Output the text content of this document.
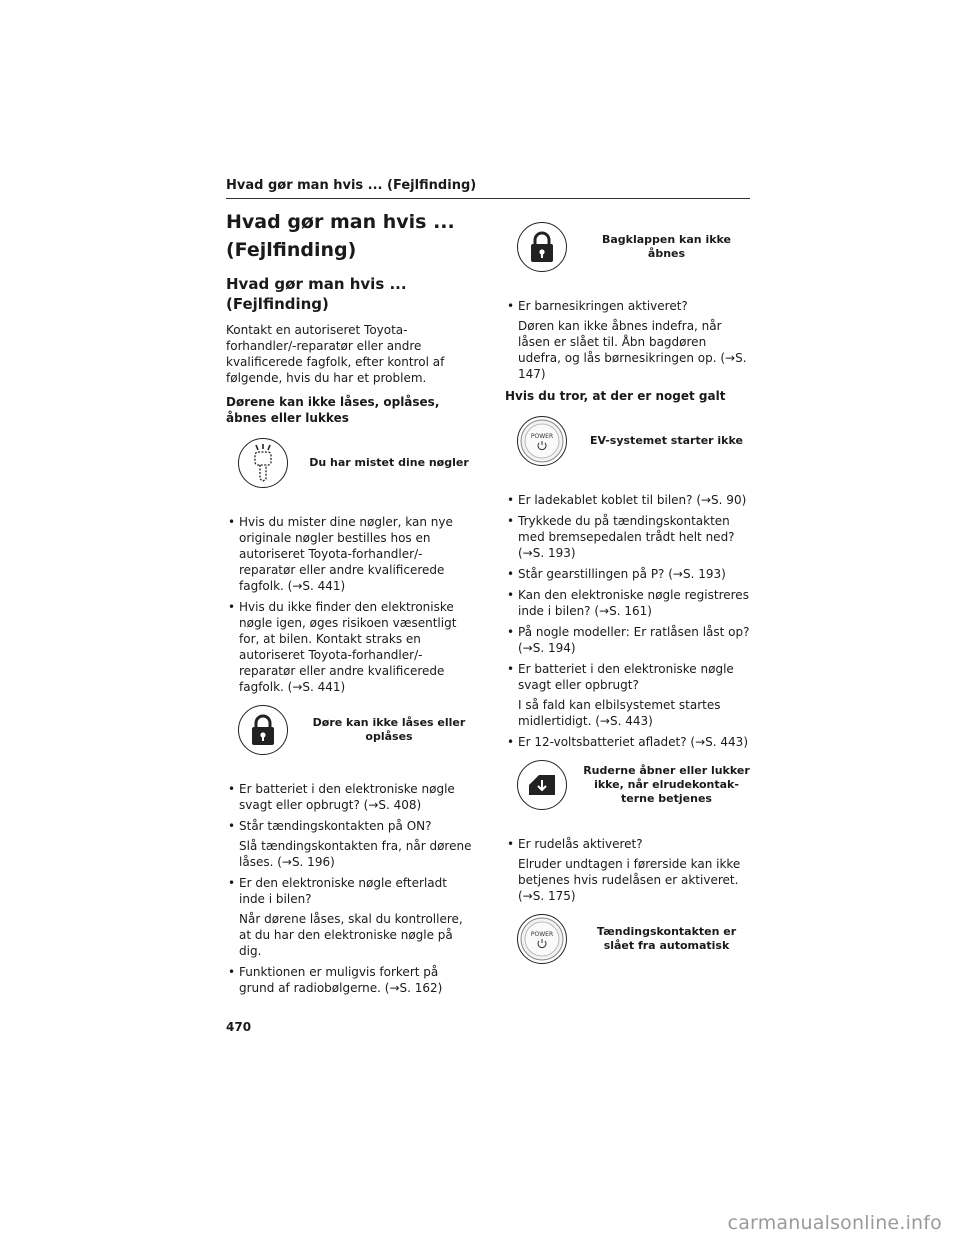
Hvad gør man hvis ... (Fejlfinding)
Hvad gør man hvis ...
(Fejlfinding)
Hvad gør man hvis ... (Fejlfinding)

Kontakt en autoriseret Toyota-forhandler/-reparatør eller andre kvalificerede fagfolk, efter kontrol af følgende, hvis du har et problem.

Dørene kan ikke låses, oplåses, åbnes eller lukkes
Du har mistet dine nøgler
• Hvis du mister dine nøgler, kan nye originale nøgler bestilles hos en autoriseret Toyota-forhandler/-reparatør eller andre kvalificerede fagfolk. (→S. 441)
• Hvis du ikke finder den elektroniske nøgle igen, øges risikoen væsentligt for, at bilen. Kontakt straks en autoriseret Toyota-forhandler/-reparatør eller andre kvalificerede fagfolk. (→S. 441)
Døre kan ikke låses eller oplåses
• Er batteriet i den elektroniske nøgle svagt eller opbrugt? (→S. 408)
• Står tændingskontakten på ON?
Slå tændingskontakten fra, når dørene låses. (→S. 196)
• Er den elektroniske nøgle efterladt inde i bilen?
Når dørene låses, skal du kontrollere, at du har den elektroniske nøgle på dig.
• Funktionen er muligvis forkert på grund af radiobølgerne. (→S. 162)
Bagklappen kan ikke åbnes
• Er barnesikringen aktiveret?
Døren kan ikke åbnes indefra, når låsen er slået til. Åbn bagdøren udefra, og lås børnesikringen op. (→S. 147)
Hvis du tror, at der er noget galt
POWER	EV-systemet starter ikke
• Er ladekablet koblet til bilen? (→S. 90)
• Trykkede du på tændingskontakten med bremsepedalen trådt helt ned? (→S. 193)
• Står gearstillingen på P? (→S. 193)
• Kan den elektroniske nøgle registreres inde i bilen? (→S. 161)
• På nogle modeller: Er ratlåsen låst op? (→S. 194)
• Er batteriet i den elektroniske nøgle svagt eller opbrugt?
I så fald kan elbilsystemet startes midlertidigt. (→S. 443)
• Er 12-voltsbatteriet afladet? (→S. 443)
Ruderne åbner eller lukker ikke, når elrudekontak-terne betjenes
• Er rudelås aktiveret?
Elruder undtagen i førerside kan ikke betjenes hvis rudelåsen er aktiveret. (→S. 175)
POWER	Tændingskontakten er slået fra automatisk
470
carmanualsonline.info
